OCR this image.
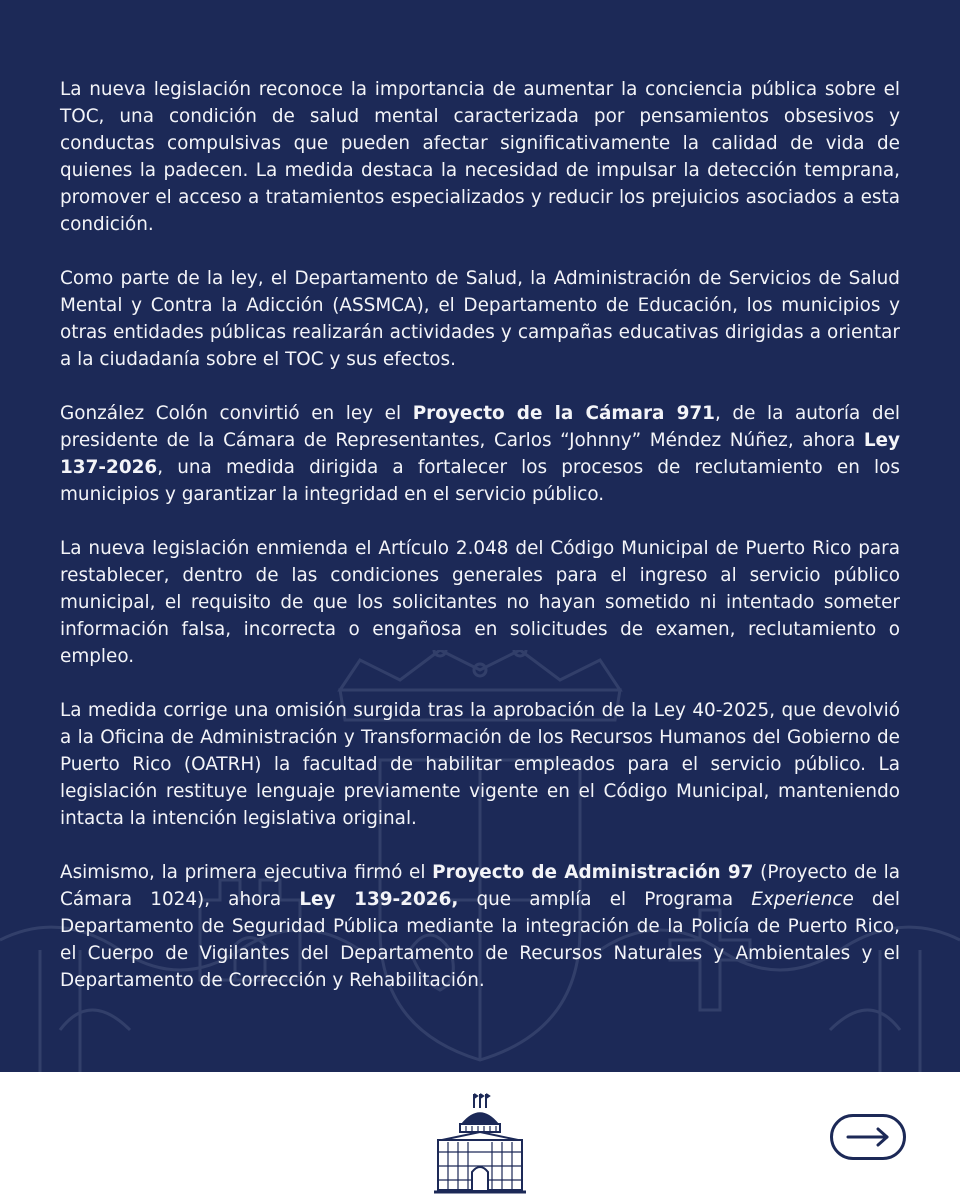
La nueva legislación reconoce la importancia de aumentar la conciencia pública sobre el TOC, una condición de salud mental caracterizada por pensamientos obsesivos y conductas compulsivas que pueden afectar significativamente la calidad de vida de quienes la padecen. La medida destaca la necesidad de impulsar la detección temprana, promover el acceso a tratamientos especializados y reducir los prejuicios asociados a esta condición.

Como parte de la ley, el Departamento de Salud, la Administración de Servicios de Salud Mental y Contra la Adicción (ASSMCA), el Departamento de Educación, los municipios y otras entidades públicas realizarán actividades y campañas educativas dirigidas a orientar a la ciudadanía sobre el TOC y sus efectos.

González Colón convirtió en ley el Proyecto de la Cámara 971, de la autoría del presidente de la Cámara de Representantes, Carlos “Johnny” Méndez Núñez, ahora Ley 137-2026, una medida dirigida a fortalecer los procesos de reclutamiento en los municipios y garantizar la integridad en el servicio público.

La nueva legislación enmienda el Artículo 2.048 del Código Municipal de Puerto Rico para restablecer, dentro de las condiciones generales para el ingreso al servicio público municipal, el requisito de que los solicitantes no hayan sometido ni intentado someter información falsa, incorrecta o engañosa en solicitudes de examen, reclutamiento o empleo.

La medida corrige una omisión surgida tras la aprobación de la Ley 40-2025, que devolvió a la Oficina de Administración y Transformación de los Recursos Humanos del Gobierno de Puerto Rico (OATRH) la facultad de habilitar empleados para el servicio público. La legislación restituye lenguaje previamente vigente en el Código Municipal, manteniendo intacta la intención legislativa original.

Asimismo, la primera ejecutiva firmó el Proyecto de Administración 97 (Proyecto de la Cámara 1024), ahora Ley 139-2026, que amplía el Programa Experience del Departamento de Seguridad Pública mediante la integración de la Policía de Puerto Rico, el Cuerpo de Vigilantes del Departamento de Recursos Naturales y Ambientales y el Departamento de Corrección y Rehabilitación.
